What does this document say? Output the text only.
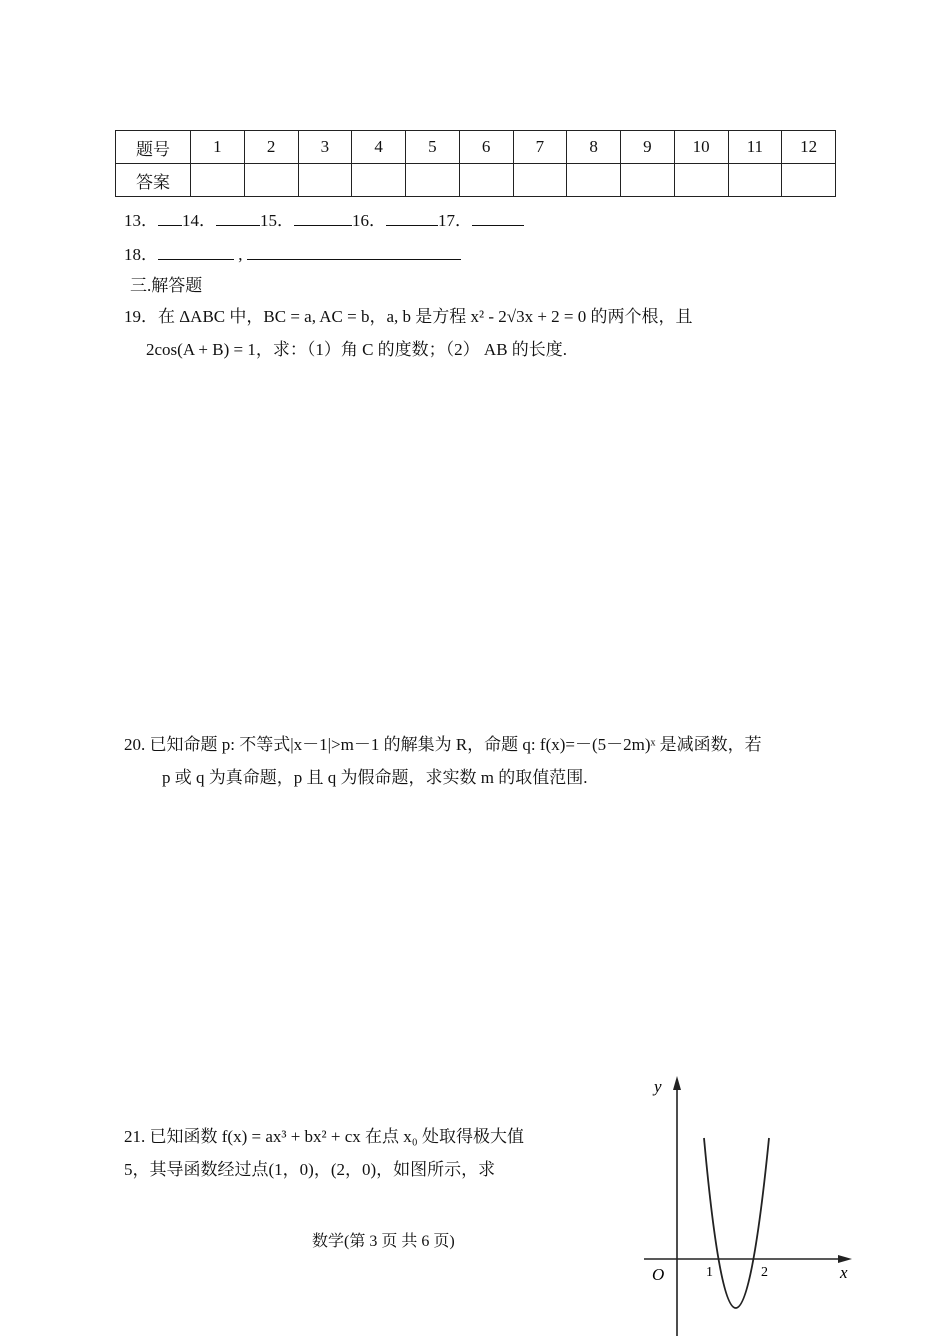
题号	1	2	3	4	5	6	7	8	9	10	11	12
答案												
13． 14．	15．	16．	17．
18．	,
三.解答题
19．在 ΔABC 中，BC = a, AC = b，a, b 是方程 x² - 2√3x + 2 = 0 的两个根，且
2cos(A + B) = 1，求：（1）角 C 的度数；（2） AB 的长度.
20. 已知命题 p: 不等式|x－1|>m－1 的解集为 R，命题 q: f(x)=－(5－2m)ˣ 是减函数，若
p 或 q 为真命题，p 且 q 为假命题，求实数 m 的取值范围.
21. 已知函数 f(x) = ax³ + bx² + cx 在点 x₀ 处取得极大值
5，其导函数经过点(1，0)，(2，0)，如图所示，求
数学(第 3 页 共 6 页)
y
x
O	1	2
